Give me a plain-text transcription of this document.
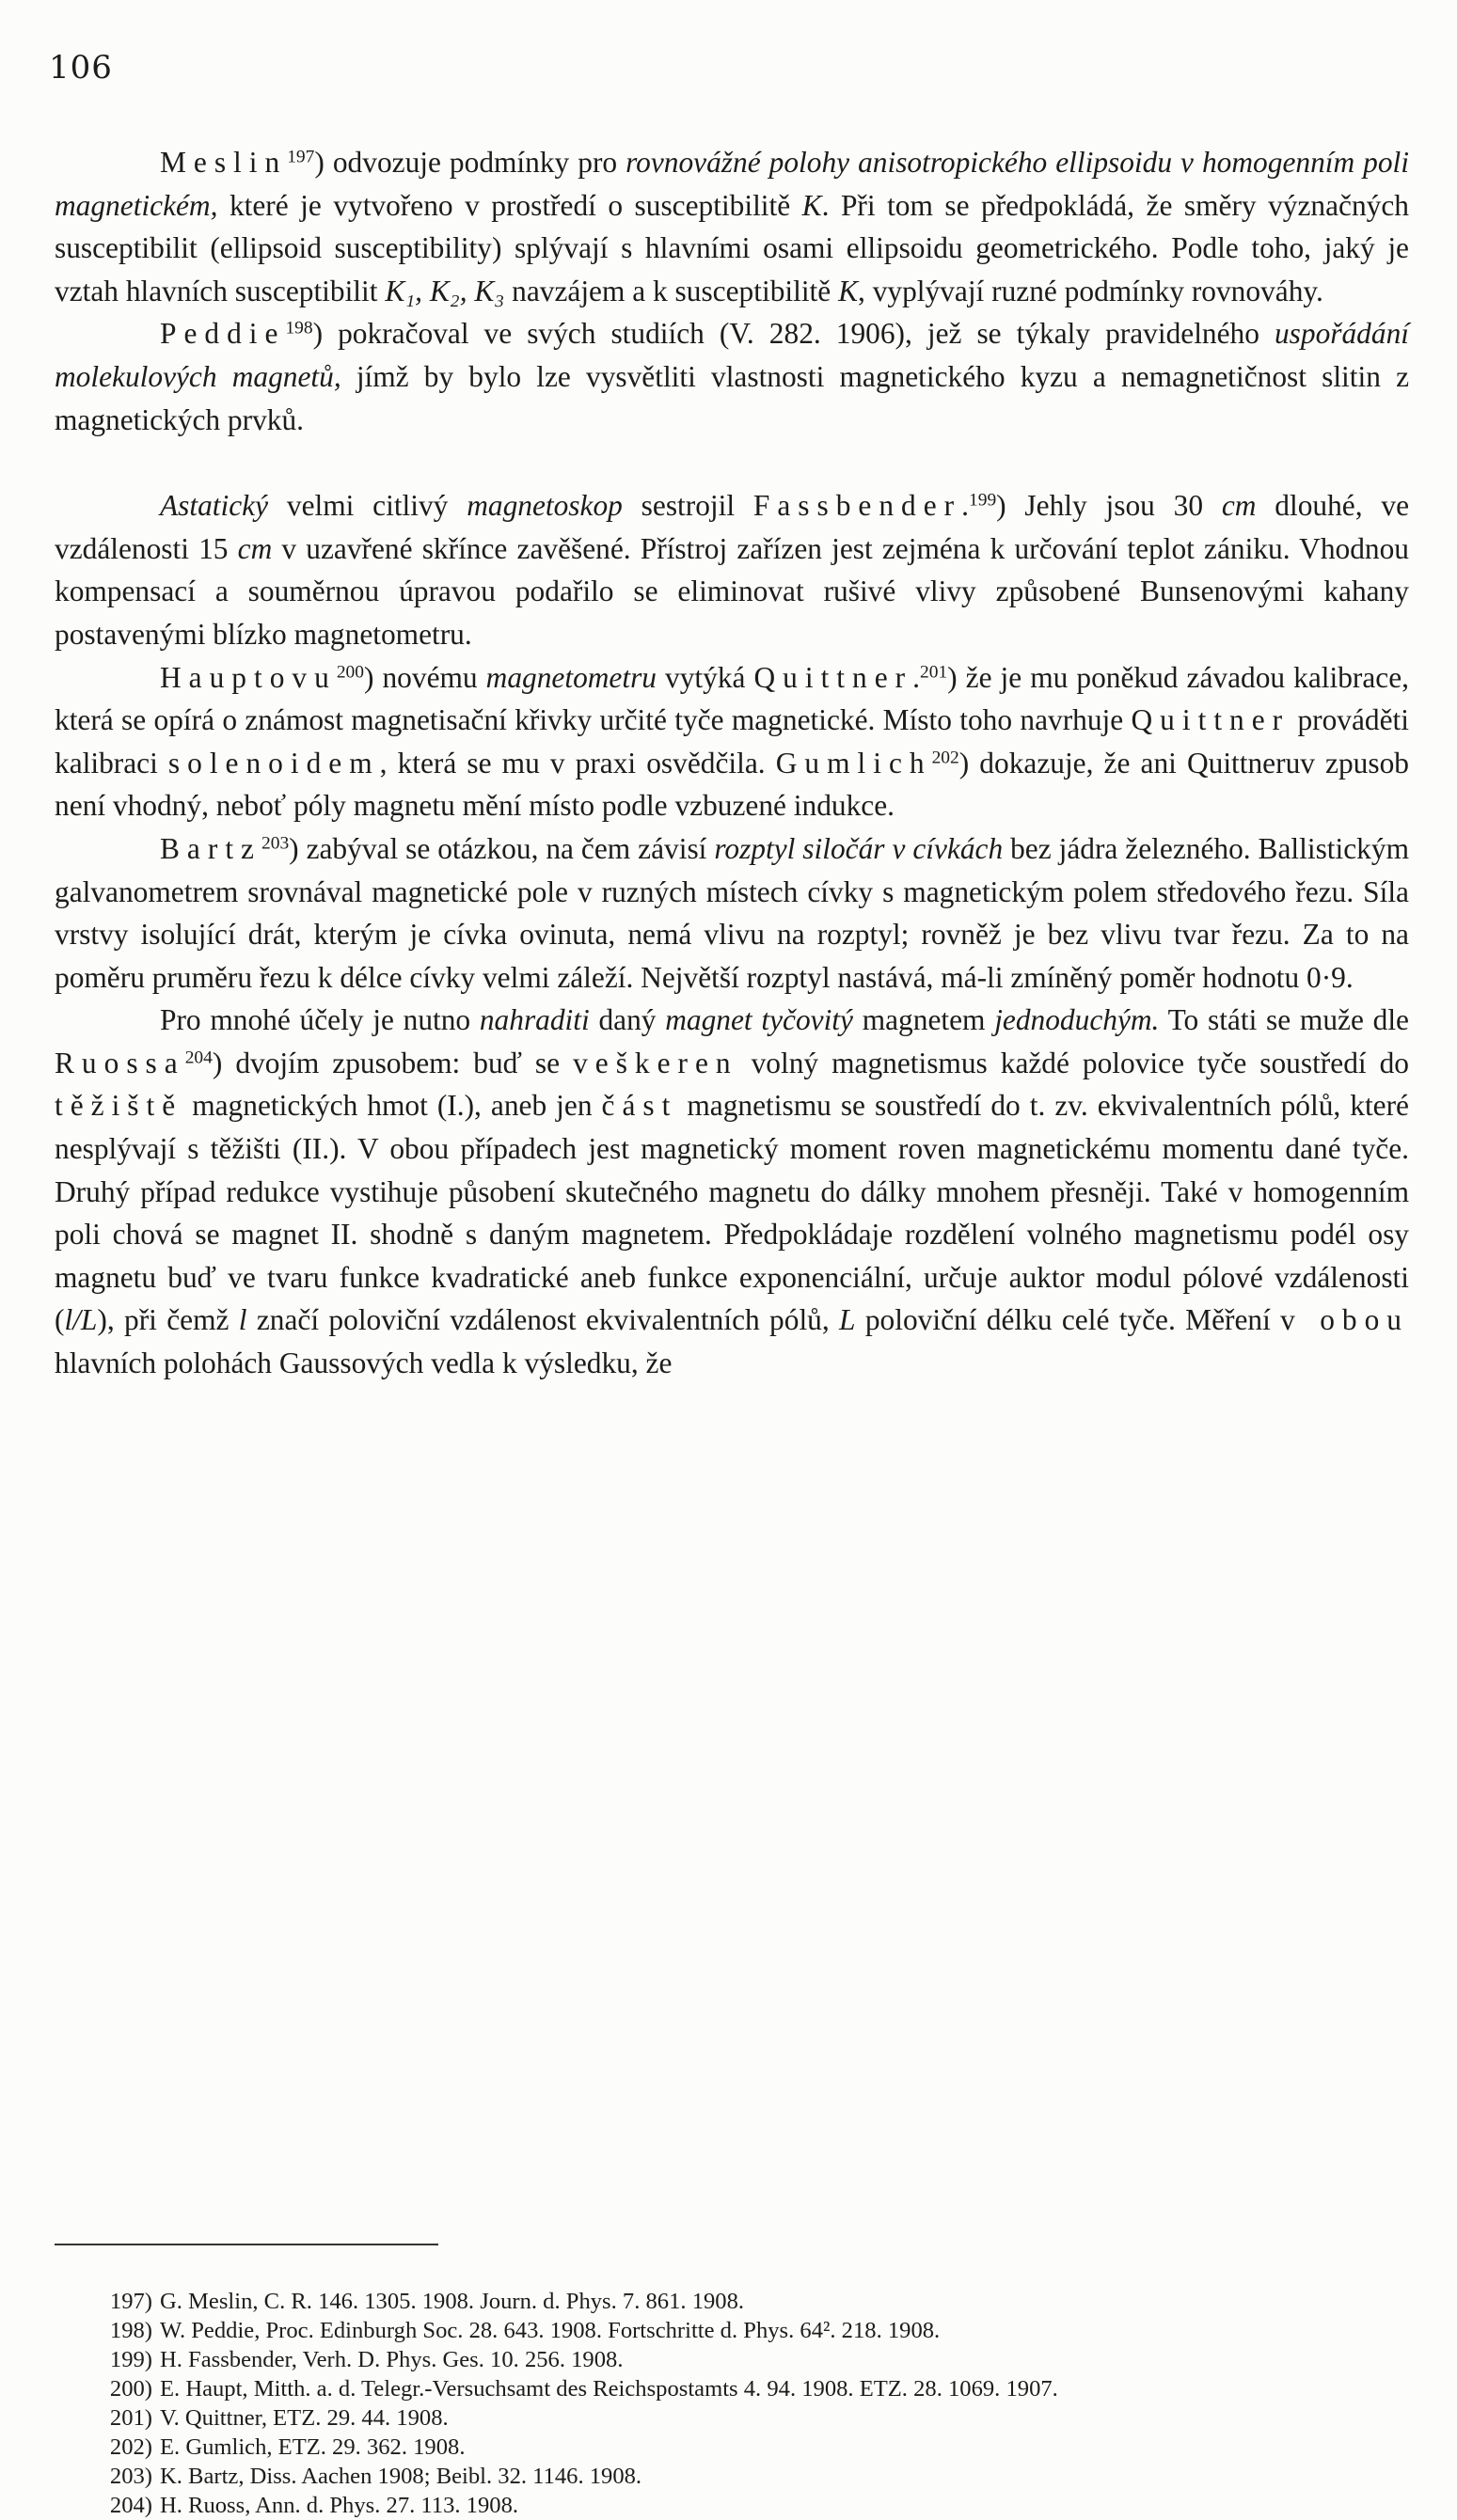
106

Meslin$^{197}$) odvozuje podmínky pro rovnovážné polohy anisotropického ellipsoidu v homogenním poli magnetickém, které je vytvořeno v prostředí o susceptibilitě K. Při tom se předpokládá, že směry význačných susceptibilit (ellipsoid susceptibility) splývají s hlavními osami ellipsoidu geometrického. Podle toho, jaký je vztah hlavních susceptibilit K₁, K₂, K₃ navzájem a k susceptibilitě K, vyplývají ruzné podmínky rovnováhy.

Peddie$^{198}$) pokračoval ve svých studiích (V. 282. 1906), jež se týkaly pravidelného uspořádání molekulových magnetů, jímž by bylo lze vysvětliti vlastnosti magnetického kyzu a nemagnetičnost slitin z magnetických prvků.

Astatický velmi citlivý magnetoskop sestrojil Fassbender.$^{199}$) Jehly jsou 30 cm dlouhé, ve vzdálenosti 15 cm v uzavřené skřínce zavěšené. Přístroj zařízen jest zejména k určování teplot zániku. Vhodnou kompensací a souměrnou úpravou podařilo se eliminovat rušivé vlivy způsobené Bunsenovými kahany postavenými blízko magnetometru.

Hauptovu$^{200}$) novému magnetometru vytýká Quittner.$^{201}$) že je mu poněkud závadou kalibrace, která se opírá o známost magnetisační křivky určité tyče magnetické. Místo toho navrhuje Quittner prováděti kalibraci solenoidem, která se mu v praxi osvědčila. Gumlich$^{202}$) dokazuje, že ani Quittneruv zpusob není vhodný, neboť póly magnetu mění místo podle vzbuzené indukce.

Bartz$^{203}$) zabýval se otázkou, na čem závisí rozptyl siločár v cívkách bez jádra železného. Ballistickým galvanometrem srovnával magnetické pole v ruzných místech cívky s magnetickým polem středového řezu. Síla vrstvy isolující drát, kterým je cívka ovinuta, nemá vlivu na rozptyl; rovněž je bez vlivu tvar řezu. Za to na poměru pruměru řezu k délce cívky velmi záleží. Největší rozptyl nastává, má-li zmíněný poměr hodnotu 0·9.

Pro mnohé účely je nutno nahraditi daný magnet tyčovitý magnetem jednoduchým. To státi se muže dle Ruossa$^{204}$) dvojím zpusobem: buď se veškeren volný magnetismus každé polovice tyče soustředí do těžiště magnetických hmot (I.), aneb jen část magnetismu se soustředí do t. zv. ekvivalentních pólů, které nesplývají s těžišti (II.). V obou případech jest magnetický moment roven magnetickému momentu dané tyče. Druhý případ redukce vystihuje působení skutečného magnetu do dálky mnohem přesněji. Také v homogenním poli chová se magnet II. shodně s daným magnetem. Předpokládaje rozdělení volného magnetismu podél osy magnetu buď ve tvaru funkce kvadratické aneb funkce exponenciální, určuje auktor modul pólové vzdálenosti (l/L), při čemž l značí poloviční vzdálenost ekvivalentních pólů, L poloviční délku celé tyče. Měření v obou hlavních polohách Gaussových vedla k výsledku, že

197) G. Meslin, C. R. 146. 1305. 1908. Journ. d. Phys. 7. 861. 1908.

198) W. Peddie, Proc. Edinburgh Soc. 28. 643. 1908. Fortschritte d. Phys. 64². 218. 1908.

199) H. Fassbender, Verh. D. Phys. Ges. 10. 256. 1908.

200) E. Haupt, Mitth. a. d. Telegr.-Versuchsamt des Reichspostamts 4. 94. 1908. ETZ. 28. 1069. 1907.

201) V. Quittner, ETZ. 29. 44. 1908.

202) E. Gumlich, ETZ. 29. 362. 1908.

203) K. Bartz, Diss. Aachen 1908; Beibl. 32. 1146. 1908.

204) H. Ruoss, Ann. d. Phys. 27. 113. 1908.
